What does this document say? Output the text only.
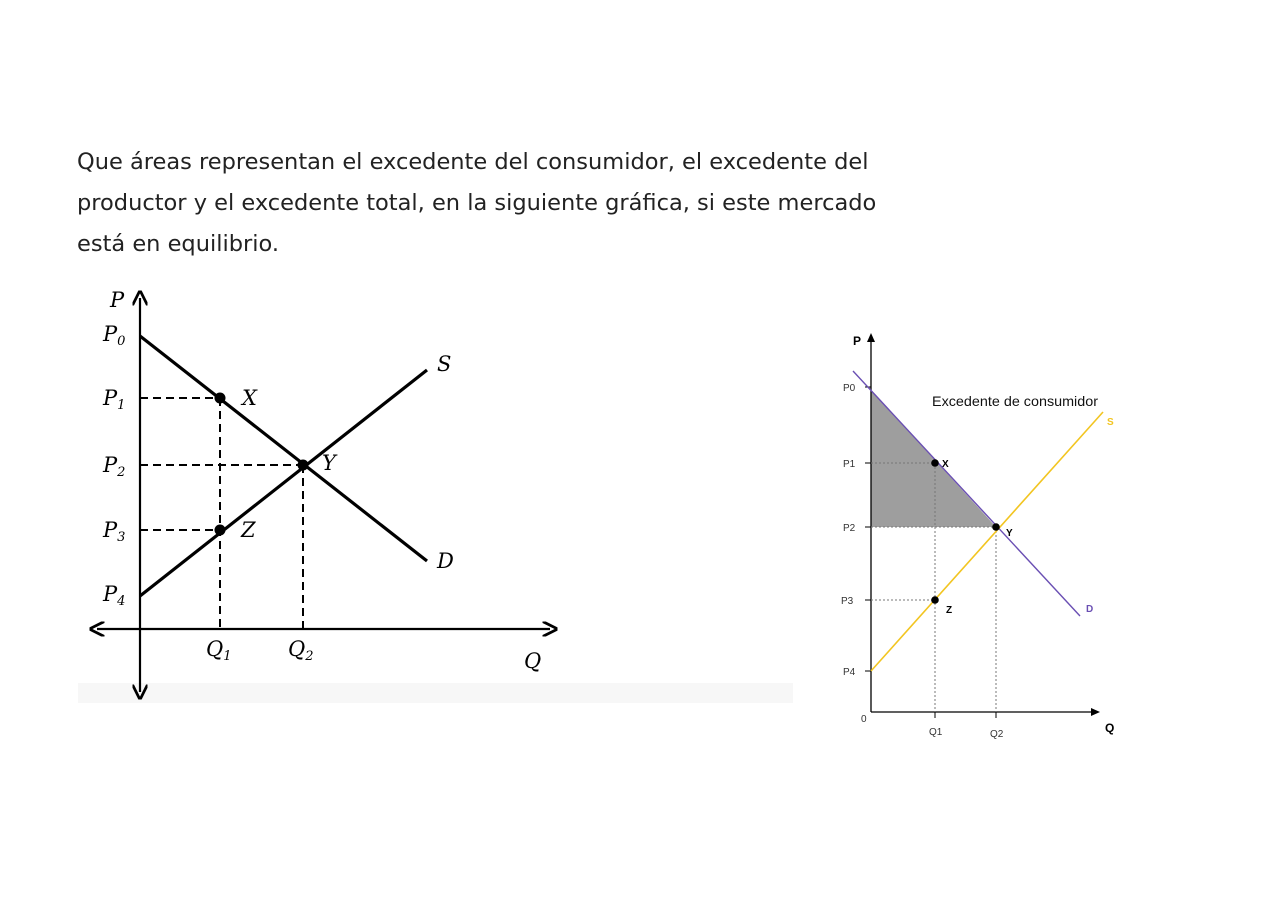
Que áreas representan el excedente del consumidor, el excedente del
productor y el excedente total, en la siguiente gráfica, si este mercado
está en equilibrio.
P
Q
P0
P1
P2
P3
P4
Q1	Q2
X
Y
Z
S
D
P
Q
0
P0
P1
P2
P3
P4
Q1	Q2
X
Y
Z
S
D
Excedente de consumidor
